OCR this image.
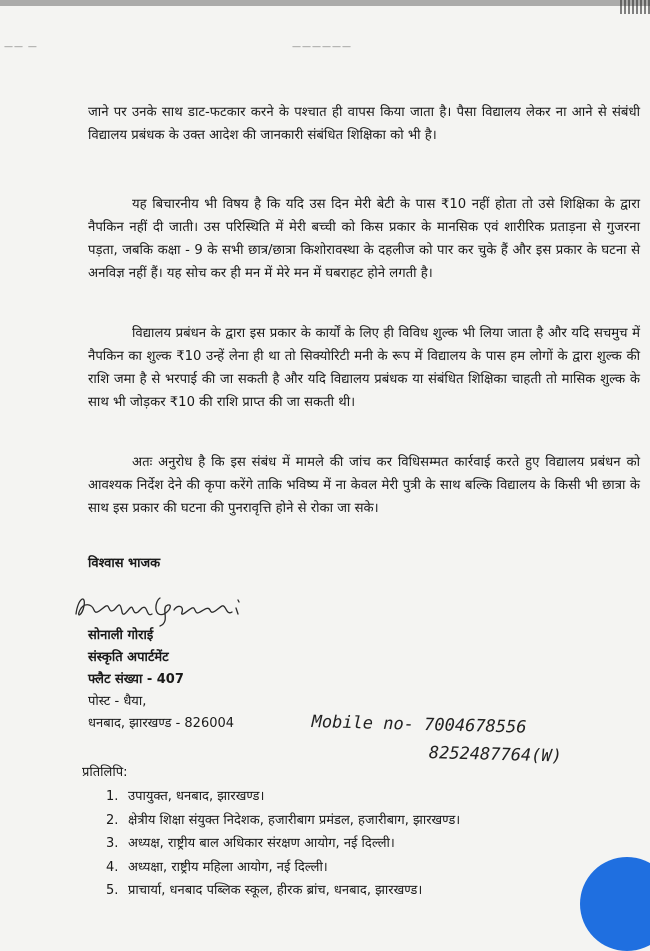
—— —	——————

जाने पर उनके साथ डाट-फटकार करने के पश्चात ही वापस किया जाता है। पैसा विद्यालय लेकर ना आने से संबंधी विद्यालय प्रबंधक के उक्त आदेश की जानकारी संबंधित शिक्षिका को भी है।

यह बिचारनीय भी विषय है कि यदि उस दिन मेरी बेटी के पास ₹10 नहीं होता तो उसे शिक्षिका के द्वारा नैपकिन नहीं दी जाती। उस परिस्थिति में मेरी बच्ची को किस प्रकार के मानसिक एवं शारीरिक प्रताड़ना से गुजरना पड़ता, जबकि कक्षा - 9 के सभी छात्र/छात्रा किशोरावस्था के दहलीज को पार कर चुके हैं और इस प्रकार के घटना से अनविज्ञ नहीं हैं। यह सोच कर ही मन में मेरे मन में घबराहट होने लगती है।

विद्यालय प्रबंधन के द्वारा इस प्रकार के कार्यों के लिए ही विविध शुल्क भी लिया जाता है और यदि सचमुच में नैपकिन का शुल्क ₹10 उन्हें लेना ही था तो सिक्योरिटी मनी के रूप में विद्यालय के पास हम लोगों के द्वारा शुल्क की राशि जमा है से भरपाई की जा सकती है और यदि विद्यालय प्रबंधक या संबंधित शिक्षिका चाहती तो मासिक शुल्क के साथ भी जोड़कर ₹10 की राशि प्राप्त की जा सकती थी।

अतः अनुरोध है कि इस संबंध में मामले की जांच कर विधिसम्मत कार्रवाई करते हुए विद्यालय प्रबंधन को आवश्यक निर्देश देने की कृपा करेंगे ताकि भविष्य में ना केवल मेरी पुत्री के साथ बल्कि विद्यालय के किसी भी छात्रा के साथ इस प्रकार की घटना की पुनरावृत्ति होने से रोका जा सके।

विश्वास भाजक
सोनाली गोराई
संस्कृति अपार्टमेंट
फ्लैट संख्या - 407
पोस्ट - धैया,
धनबाद, झारखण्ड - 826004	Mobile no- 7004678556
8252487764(W)
प्रतिलिपि:
1. उपायुक्त, धनबाद, झारखण्ड।
2. क्षेत्रीय शिक्षा संयुक्त निदेशक, हजारीबाग प्रमंडल, हजारीबाग, झारखण्ड।
3. अध्यक्ष, राष्ट्रीय बाल अधिकार संरक्षण आयोग, नई दिल्ली।
4. अध्यक्षा, राष्ट्रीय महिला आयोग, नई दिल्ली।
5. प्राचार्या, धनबाद पब्लिक स्कूल, हीरक ब्रांच, धनबाद, झारखण्ड।
